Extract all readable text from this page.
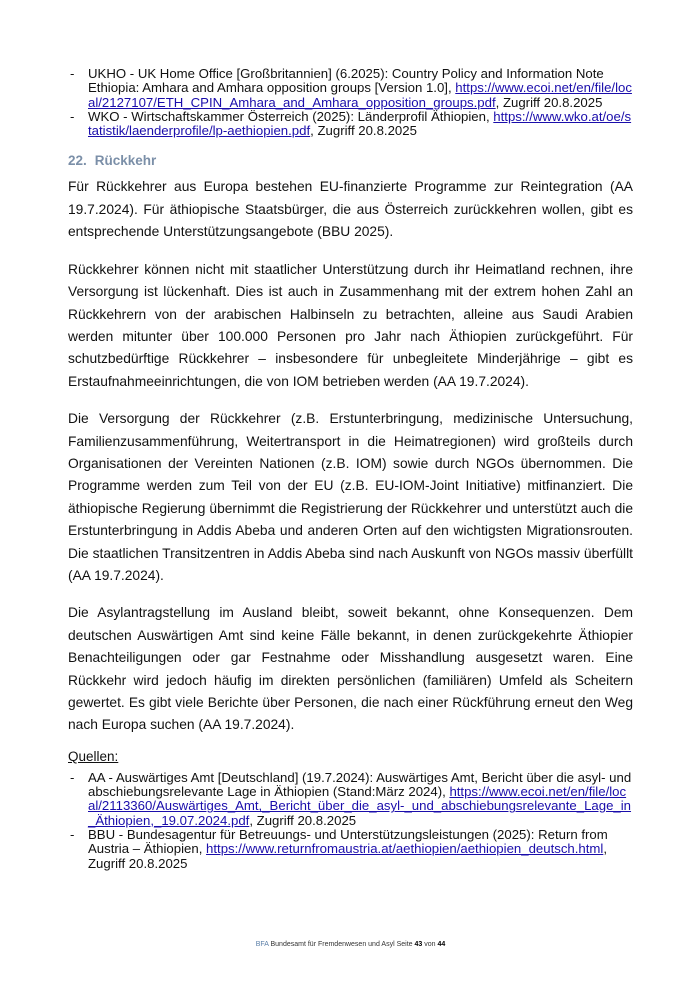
- UKHO - UK Home Office [Großbritannien] (6.2025): Country Policy and Information Note Ethiopia: Amhara and Amhara opposition groups [Version 1.0], https://www.ecoi.net/en/file/local/2127107/ETH_CPIN_Amhara_and_Amhara_opposition_groups.pdf, Zugriff 20.8.2025
- WKO - Wirtschaftskammer Österreich (2025): Länderprofil Äthiopien, https://www.wko.at/oe/statistik/laenderprofile/lp-aethiopien.pdf, Zugriff 20.8.2025
22. Rückkehr

Für Rückkehrer aus Europa bestehen EU-finanzierte Programme zur Reintegration (AA 19.7.2024). Für äthiopische Staatsbürger, die aus Österreich zurückkehren wollen, gibt es entsprechende Unterstützungsangebote (BBU 2025).

Rückkehrer können nicht mit staatlicher Unterstützung durch ihr Heimatland rechnen, ihre Versorgung ist lückenhaft. Dies ist auch in Zusammenhang mit der extrem hohen Zahl an Rückkehrern von der arabischen Halbinseln zu betrachten, alleine aus Saudi Arabien werden mitunter über 100.000 Personen pro Jahr nach Äthiopien zurückgeführt. Für schutzbedürftige Rückkehrer – insbesondere für unbegleitete Minderjährige – gibt es Erstaufnahmeeinrichtungen, die von IOM betrieben werden (AA 19.7.2024).

Die Versorgung der Rückkehrer (z.B. Erstunterbringung, medizinische Untersuchung, Familienzusammenführung, Weitertransport in die Heimatregionen) wird großteils durch Organisationen der Vereinten Nationen (z.B. IOM) sowie durch NGOs übernommen. Die Programme werden zum Teil von der EU (z.B. EU-IOM-Joint Initiative) mitfinanziert. Die äthiopische Regierung übernimmt die Registrierung der Rückkehrer und unterstützt auch die Erstunterbringung in Addis Abeba und anderen Orten auf den wichtigsten Migrationsrouten. Die staatlichen Transitzentren in Addis Abeba sind nach Auskunft von NGOs massiv überfüllt (AA 19.7.2024).

Die Asylantragstellung im Ausland bleibt, soweit bekannt, ohne Konsequenzen. Dem deutschen Auswärtigen Amt sind keine Fälle bekannt, in denen zurückgekehrte Äthiopier Benachteiligungen oder gar Festnahme oder Misshandlung ausgesetzt waren. Eine Rückkehr wird jedoch häufig im direkten persönlichen (familiären) Umfeld als Scheitern gewertet. Es gibt viele Berichte über Personen, die nach einer Rückführung erneut den Weg nach Europa suchen (AA 19.7.2024).

Quellen:
- AA - Auswärtiges Amt [Deutschland] (19.7.2024): Auswärtiges Amt, Bericht über die asyl- und abschiebungsrelevante Lage in Äthiopien (Stand:März 2024), https://www.ecoi.net/en/file/local/2113360/Auswärtiges_Amt,_Bericht_über_die_asyl-_und_abschiebungsrelevante_Lage_in_Äthiopien,_19.07.2024.pdf, Zugriff 20.8.2025
- BBU - Bundesagentur für Betreuungs- und Unterstützungsleistungen (2025): Return from Austria – Äthiopien, https://www.returnfromaustria.at/aethiopien/aethiopien_deutsch.html, Zugriff 20.8.2025
BFA Bundesamt für Fremdenwesen und Asyl Seite 43 von 44
